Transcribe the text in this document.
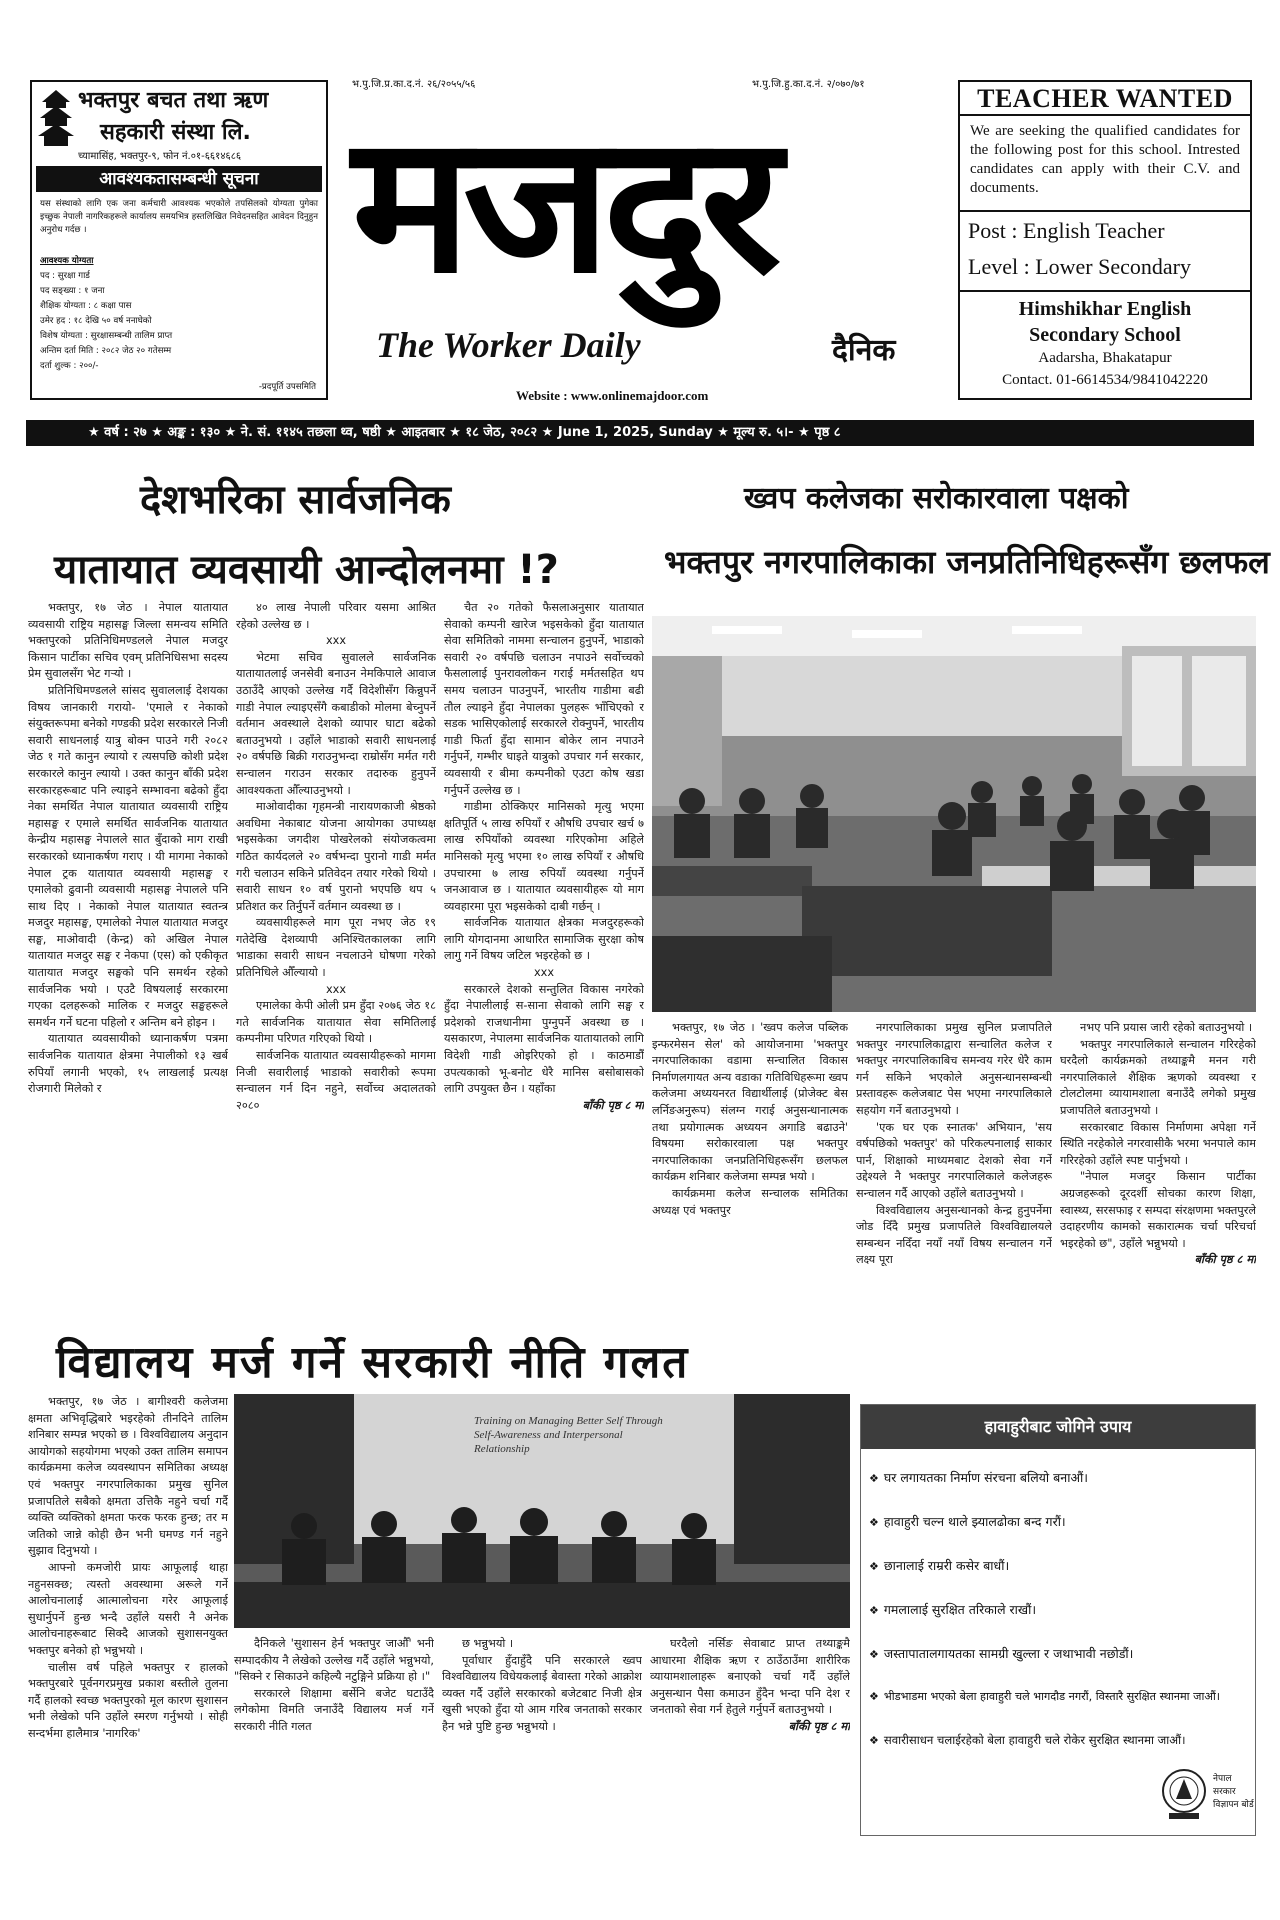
भक्तपुर बचत तथा ऋण
सहकारी संस्था लि.
च्यामासिंह, भक्तपुर-९, फोन नं.०१-६६१४६८६
आवश्यकतासम्बन्धी सूचना
यस संस्थाको लागि एक जना कर्मचारी आवश्यक भएकोले तपसिलको योग्यता पुगेका इच्छुक नेपाली नागरिकहरूले कार्यालय समयभित्र हस्तलिखित निवेदनसहित आवेदन दिनुहुन अनुरोध गर्दछ ।
आवश्यक योग्यता
पद : सुरक्षा गार्ड
पद सङ्ख्या : १ जना
शैक्षिक योग्यता : ८ कक्षा पास
उमेर हद : १८ देखि ५० वर्ष ननाघेको
विशेष योग्यता : सुरक्षासम्बन्धी तालिम प्राप्त
अन्तिम दर्ता मिति : २०८२ जेठ २० गतेसम्म
दर्ता शुल्क : २००/-
-प्रदपूर्ति उपसमिति
भ.पु.जि.प्र.का.द.नं. २६/२०५५/५६	भ.पु.जि.हु.का.द.नं. २/०७०/७१
मजदुर
The Worker Daily	दैनिक
Website : www.onlinemajdoor.com
TEACHER WANTED
We are seeking the qualified candidates for the following post for this school. Intrested candidates can apply with their C.V. and documents.
Post : English Teacher
Level : Lower Secondary
Himshikhar English
Secondary School
Aadarsha, Bhakatapur
Contact. 01-6614534/9841042220
★ वर्ष : २७ ★ अङ्क : १३० ★ ने. सं. ११४५ तछला थ्व, षष्ठी ★ आइतबार ★ १८ जेठ, २०८२ ★ June 1, 2025, Sunday ★ मूल्य रु. ५।- ★ पृष्ठ ८
देशभरिका सार्वजनिक
यातायात व्यवसायी आन्दोलनमा !?

भक्तपुर, १७ जेठ । नेपाल यातायात व्यवसायी राष्ट्रिय महासङ्घ जिल्ला समन्वय समिति भक्तपुरको प्रतिनिधिमण्डलले नेपाल मजदुर किसान पार्टीका सचिव एवम् प्रतिनिधिसभा सदस्य प्रेम सुवालसँग भेट गऱ्यो ।

प्रतिनिधिमण्डलले सांसद सुवाललाई देशयका विषय जानकारी गरायो- 'एमाले र नेकाको संयुक्तरूपमा बनेको गण्डकी प्रदेश सरकारले निजी सवारी साधनलाई यात्रु बोक्न पाउने गरी २०८२ जेठ १ गते कानुन ल्यायो र त्यसपछि कोशी प्रदेश सरकारले कानुन ल्यायो । उक्त कानुन बाँकी प्रदेश सरकारहरूबाट पनि ल्याइने सम्भावना बढेको हुँदा नेका समर्थित नेपाल यातायात व्यवसायी राष्ट्रिय महासङ्घ र एमाले समर्थित सार्वजनिक यातायात केन्द्रीय महासङ्घ नेपालले सात बुँदाको माग राखी सरकारको ध्यानाकर्षण गराए । यी मागमा नेकाको नेपाल ट्रक यातायात व्यवसायी महासङ्घ र एमालेको ढुवानी व्यवसायी महासङ्घ नेपालले पनि साथ दिए । नेकाको नेपाल यातायात स्वतन्त्र मजदुर महासङ्घ, एमालेको नेपाल यातायात मजदुर सङ्घ, माओवादी (केन्द्र) को अखिल नेपाल यातायात मजदुर सङ्घ र नेकपा (एस) को एकीकृत यातायात मजदुर सङ्घको पनि समर्थन रहेको सार्वजनिक भयो । एउटै विषयलाई सरकारमा गएका दलहरूको मालिक र मजदुर सङ्घहरूले समर्थन गर्ने घटना पहिलो र अन्तिम बने होइन ।

यातायात व्यवसायीको ध्यानाकर्षण पत्रमा सार्वजनिक यातायात क्षेत्रमा नेपालीको १३ खर्ब रुपियाँ लगानी भएको, १५ लाखलाई प्रत्यक्ष रोजगारी मिलेको र

४० लाख नेपाली परिवार यसमा आश्रित रहेको उल्लेख छ ।

xxx

भेटमा सचिव सुवालले सार्वजनिक यातायातलाई जनसेवी बनाउन नेमकिपाले आवाज उठाउँदै आएको उल्लेख गर्दै विदेशीसँग किन्नुपर्ने गाडी नेपाल ल्याइएसँगै कबाडीको मोलमा बेच्नुपर्ने वर्तमान अवस्थाले देशको व्यापार घाटा बढेको बताउनुभयो । उहाँले भाडाको सवारी साधनलाई २० वर्षपछि बिक्री गराउनुभन्दा राम्रोसँग मर्मत गरी सन्चालन गराउन सरकार तदारुक हुनुपर्ने आवश्यकता औँल्याउनुभयो ।

माओवादीका गृहमन्त्री नारायणकाजी श्रेष्ठको अवधिमा नेकाबाट योजना आयोगका उपाध्यक्ष भइसकेका जगदीश पोखरेलको संयोजकत्वमा गठित कार्यदलले २० वर्षभन्दा पुरानो गाडी मर्मत गरी चलाउन सकिने प्रतिवेदन तयार गरेको थियो । सवारी साधन १० वर्ष पुरानो भएपछि थप ५ प्रतिशत कर तिर्नुपर्ने वर्तमान व्यवस्था छ ।

व्यवसायीहरूले माग पूरा नभए जेठ १९ गतेदेखि देशव्यापी अनिश्चितकालका लागि भाडाका सवारी साधन नचलाउने घोषणा गरेको प्रतिनिधिले औँल्यायो ।

xxx

एमालेका केपी ओली प्रम हुँदा २०७६ जेठ १८ गते सार्वजनिक यातायात सेवा समितिलाई कम्पनीमा परिणत गरिएको थियो ।

सार्वजनिक यातायात व्यवसायीहरूको मागमा निजी सवारीलाई भाडाको सवारीको रूपमा सन्चालन गर्न दिन नहुने, सर्वोच्च अदालतको २०८०

चैत २० गतेको फैसलाअनुसार यातायात सेवाको कम्पनी खारेज भइसकेको हुँदा यातायात सेवा समितिको नाममा सन्चालन हुनुपर्ने, भाडाको सवारी २० वर्षपछि चलाउन नपाउने सर्वोच्चको फैसलालाई पुनरावलोकन गराई मर्मतसहित थप समय चलाउन पाउनुपर्ने, भारतीय गाडीमा बढी तौल ल्याइने हुँदा नेपालका पुलहरू भाँचिएको र सडक भासिएकोलाई सरकारले रोक्नुपर्ने, भारतीय गाडी फिर्ता हुँदा सामान बोकेर लान नपाउने गर्नुपर्ने, गम्भीर घाइते यात्रुको उपचार गर्न सरकार, व्यवसायी र बीमा कम्पनीको एउटा कोष खडा गर्नुपर्ने उल्लेख छ ।

गाडीमा ठोक्किएर मानिसको मृत्यु भएमा क्षतिपूर्ति ५ लाख रुपियाँ र औषधि उपचार खर्च ७ लाख रुपियाँको व्यवस्था गरिएकोमा अहिले मानिसको मृत्यु भएमा १० लाख रुपियाँ र औषधि उपचारमा ७ लाख रुपियाँ व्यवस्था गर्नुपर्ने जनआवाज छ । यातायात व्यवसायीहरू यो माग व्यवहारमा पूरा भइसकेको दाबी गर्छन् ।

सार्वजनिक यातायात क्षेत्रका मजदुरहरूको लागि योगदानमा आधारित सामाजिक सुरक्षा कोष लागु गर्ने विषय जटिल भइरहेको छ ।

xxx

सरकारले देशको सन्तुलित विकास नगरेको हुँदा नेपालीलाई स-साना सेवाको लागि सङ्घ र प्रदेशको राजधानीमा पुग्नुपर्ने अवस्था छ । यसकारण, नेपालमा सार्वजनिक यातायातको लागि विदेशी गाडी ओइरिएको हो । काठमाडौँ उपत्यकाको भू-बनोट धेरै मानिस बसोबासको लागि उपयुक्त छैन । यहाँका

बाँकी पृष्ठ ८ मा

ख्वप कलेजका सरोकारवाला पक्षको
भक्तपुर नगरपालिकाका जनप्रतिनिधिहरूसँग छलफल

भक्तपुर, १७ जेठ । 'ख्वप कलेज पब्लिक इन्फरमेसन सेल' को आयोजनामा 'भक्तपुर नगरपालिकाका वडामा सन्चालित विकास निर्माणलगायत अन्य वडाका गतिविधिहरूमा ख्वप कलेजमा अध्ययनरत विद्यार्थीलाई (प्रोजेक्ट बेस लर्निङअनुरूप) संलग्न गराई अनुसन्धानात्मक तथा प्रयोगात्मक अध्ययन अगाडि बढाउने' विषयमा सरोकारवाला पक्ष भक्तपुर नगरपालिकाका जनप्रतिनिधिहरूसँग छलफल कार्यक्रम शनिबार कलेजमा सम्पन्न भयो ।

कार्यक्रममा कलेज सन्चालक समितिका अध्यक्ष एवं भक्तपुर

नगरपालिकाका प्रमुख सुनिल प्रजापतिले भक्तपुर नगरपालिकाद्वारा सन्चालित कलेज र भक्तपुर नगरपालिकाबिच समन्वय गरेर धेरै काम गर्न सकिने भएकोले अनुसन्धानसम्बन्धी प्रस्तावहरू कलेजबाट पेस भएमा नगरपालिकाले सहयोग गर्ने बताउनुभयो ।

'एक घर एक स्नातक' अभियान, 'सय वर्षपछिको भक्तपुर' को परिकल्पनालाई साकार पार्न, शिक्षाको माध्यमबाट देशको सेवा गर्ने उद्देश्यले नै भक्तपुर नगरपालिकाले कलेजहरू सन्चालन गर्दै आएको उहाँले बताउनुभयो ।

विश्वविद्यालय अनुसन्धानको केन्द्र हुनुपर्नेमा जोड दिँदै प्रमुख प्रजापतिले विश्वविद्यालयले सम्बन्धन नदिँदा नयाँ नयाँ विषय सन्चालन गर्ने लक्ष्य पूरा

नभए पनि प्रयास जारी रहेको बताउनुभयो ।

भक्तपुर नगरपालिकाले सन्चालन गरिरहेको घरदैलो कार्यक्रमको तथ्याङ्कमै मनन गरी नगरपालिकाले शैक्षिक ऋणको व्यवस्था र टोलटोलमा व्यायामशाला बनाउँदै लगेको प्रमुख प्रजापतिले बताउनुभयो ।

सरकारबाट विकास निर्माणमा अपेक्षा गर्ने स्थिति नरहेकोले नगरवासीकै भरमा भनपाले काम गरिरहेको उहाँले स्पष्ट पार्नुभयो ।

"नेपाल मजदुर किसान पार्टीका अग्रजहरूको दूरदर्शी सोचका कारण शिक्षा, स्वास्थ्य, सरसफाइ र सम्पदा संरक्षणमा भक्तपुरले उदाहरणीय कामको सकारात्मक चर्चा परिचर्चा भइरहेको छ", उहाँले भन्नुभयो ।

बाँकी पृष्ठ ८ मा

विद्यालय मर्ज गर्ने सरकारी नीति गलत

भक्तपुर, १७ जेठ । बागीश्वरी कलेजमा क्षमता अभिवृद्धिबारे भइरहेको तीनदिने तालिम शनिबार सम्पन्न भएको छ । विश्वविद्यालय अनुदान आयोगको सहयोगमा भएको उक्त तालिम समापन कार्यक्रममा कलेज व्यवस्थापन समितिका अध्यक्ष एवं भक्तपुर नगरपालिकाका प्रमुख सुनिल प्रजापतिले सबैको क्षमता उत्तिकै नहुने चर्चा गर्दै व्यक्ति व्यक्तिको क्षमता फरक फरक हुन्छ; तर म जतिको जान्ने कोही छैन भनी घमण्ड गर्न नहुने सुझाव दिनुभयो ।

आफ्नो कमजोरी प्रायः आफूलाई थाहा नहुनसक्छ; त्यस्तो अवस्थामा अरूले गर्ने आलोचनालाई आत्मालोचना गरेर आफूलाई सुधार्नुपर्ने हुन्छ भन्दै उहाँले यसरी नै अनेक आलोचनाहरूबाट सिक्दै आजको सुशासनयुक्त भक्तपुर बनेको हो भन्नुभयो ।

चालीस वर्ष पहिले भक्तपुर र हालको भक्तपुरबारे पूर्वनगरप्रमुख प्रकाश बस्तीले तुलना गर्दै हालको स्वच्छ भक्तपुरको मूल कारण सुशासन भनी लेखेको पनि उहाँले स्मरण गर्नुभयो । सोही सन्दर्भमा हालैमात्र 'नागरिक'

Training on Managing Better Self Through Self-Awareness and Interpersonal Relationship

दैनिकले 'सुशासन हेर्न भक्तपुर जाऔँ' भनी सम्पादकीय नै लेखेको उल्लेख गर्दै उहाँले भन्नुभयो, "सिक्ने र सिकाउने कहिल्यै नटुङ्गिने प्रक्रिया हो ।"

सरकारले शिक्षामा बर्सेनि बजेट घटाउँदै लगेकोमा विमति जनाउँदै विद्यालय मर्ज गर्ने सरकारी नीति गलत

छ भन्नुभयो ।

पूर्वाधार हुँदाहुँदै पनि सरकारले ख्वप विश्वविद्यालय विधेयकलाई बेवास्ता गरेको आक्रोश व्यक्त गर्दै उहाँले सरकारको बजेटबाट निजी क्षेत्र खुसी भएको हुँदा यो आम गरिब जनताको सरकार हैन भन्ने पुष्टि हुन्छ भन्नुभयो ।

घरदैलो नर्सिङ सेवाबाट प्राप्त तथ्याङ्कमै आधारमा शैक्षिक ऋण र ठाउँठाउँमा शारीरिक व्यायामशालाहरू बनाएको चर्चा गर्दै उहाँले अनुसन्धान पैसा कमाउन हुँदैन भन्दा पनि देश र जनताको सेवा गर्न हेतुले गर्नुपर्ने बताउनुभयो ।

बाँकी पृष्ठ ८ मा

हावाहुरीबाट जोगिने उपाय
❖ घर लगायतका निर्माण संरचना बलियो बनाऔं।
❖ हावाहुरी चल्न थाले झ्यालढोका बन्द गरौं।
❖ छानालाई राम्ररी कसेर बाधौं।
❖ गमलालाई सुरक्षित तरिकाले राखौं।
❖ जस्तापातालगायतका सामग्री खुल्ला र जथाभावी नछोडौं।
❖ भीडभाडमा भएको बेला हावाहुरी चले भागदौड नगरौं, विस्तारै सुरक्षित स्थानमा जाऔं।
❖ सवारीसाधन चलाईरहेको बेला हावाहुरी चले रोकेर सुरक्षित स्थानमा जाऔं।
नेपाल सरकार
विज्ञापन बोर्ड
